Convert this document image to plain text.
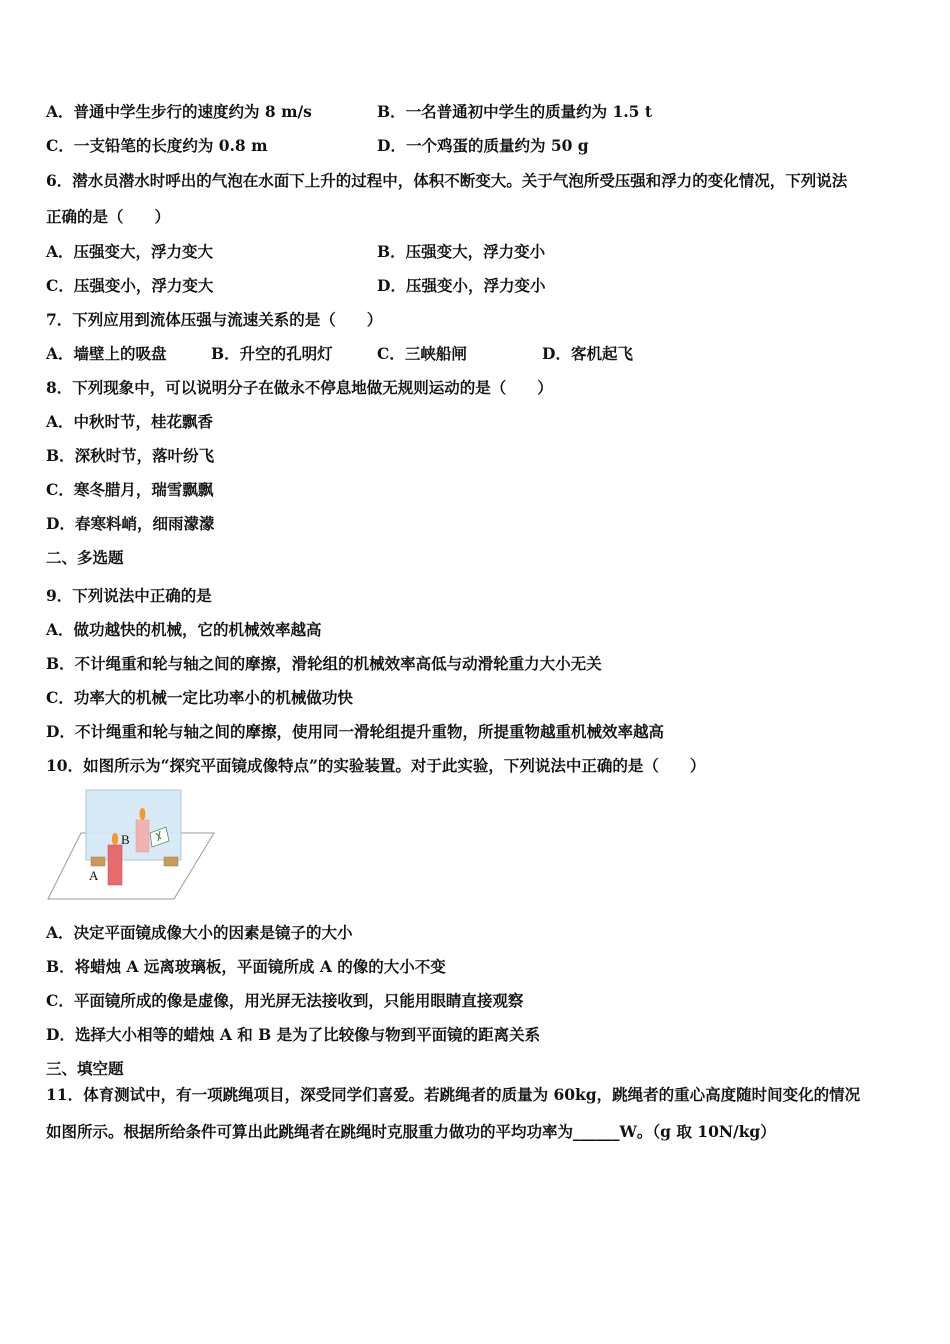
A．普通中学生步行的速度约为 8 m/s	B．一名普通初中学生的质量约为 1.5 t
C．一支铅笔的长度约为 0.8 m	D．一个鸡蛋的质量约为 50 g
6．潜水员潜水时呼出的气泡在水面下上升的过程中，体积不断变大。关于气泡所受压强和浮力的变化情况，下列说法
正确的是（　　）
A．压强变大，浮力变大	B．压强变大，浮力变小
C．压强变小，浮力变大	D．压强变小，浮力变小
7．下列应用到流体压强与流速关系的是（　　）
A．墙壁上的吸盘	B．升空的孔明灯	C．三峡船闸	D．客机起飞
8．下列现象中，可以说明分子在做永不停息地做无规则运动的是（　　）
A．中秋时节，桂花飘香
B．深秋时节，落叶纷飞
C．寒冬腊月，瑞雪飘飘
D．春寒料峭，细雨濛濛
二、多选题
9．下列说法中正确的是
A．做功越快的机械，它的机械效率越高
B．不计绳重和轮与轴之间的摩擦，滑轮组的机械效率高低与动滑轮重力大小无关
C．功率大的机械一定比功率小的机械做功快
D．不计绳重和轮与轴之间的摩擦，使用同一滑轮组提升重物，所提重物越重机械效率越高
10．如图所示为“探究平面镜成像特点”的实验装置。对于此实验，下列说法中正确的是（　　）
A
B
A．决定平面镜成像大小的因素是镜子的大小
B．将蜡烛 A 远离玻璃板，平面镜所成 A 的像的大小不变
C．平面镜所成的像是虚像，用光屏无法接收到，只能用眼睛直接观察
D．选择大小相等的蜡烛 A 和 B 是为了比较像与物到平面镜的距离关系
三、填空题
11．体育测试中，有一项跳绳项目，深受同学们喜爱。若跳绳者的质量为 60kg，跳绳者的重心高度随时间变化的情况
如图所示。根据所给条件可算出此跳绳者在跳绳时克服重力做功的平均功率为______W。（g 取 10N/kg）
